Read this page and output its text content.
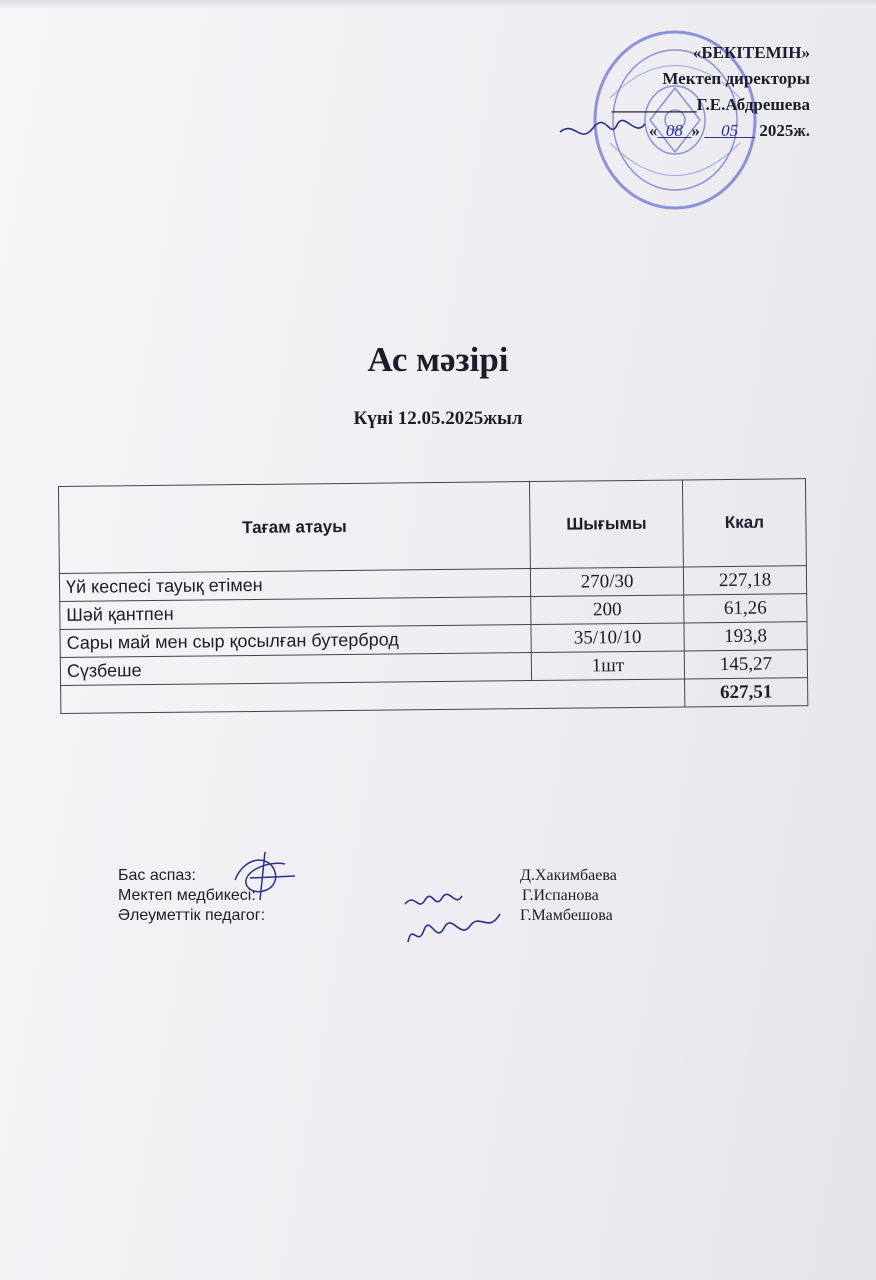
«БЕКІТЕМІН»
Мектеп директоры
__________Г.Е.Абдрешева
« 08 » 05 2025ж.
Ас мәзірі
Күні 12.05.2025жыл
Тағам атауы	Шығымы	Ккал
Үй кеспесі тауық етімен	270/30	227,18
Шәй қантпен	200	61,26
Сары май мен сыр қосылған бутерброд	35/10/10	193,8
Сүзбеше	1шт	145,27
		627,51
Бас аспаз:	Д.Хакимбаева
Мектеп медбикесі:	Г.Испанова
Әлеуметтік педагог:	Г.Мамбешова
